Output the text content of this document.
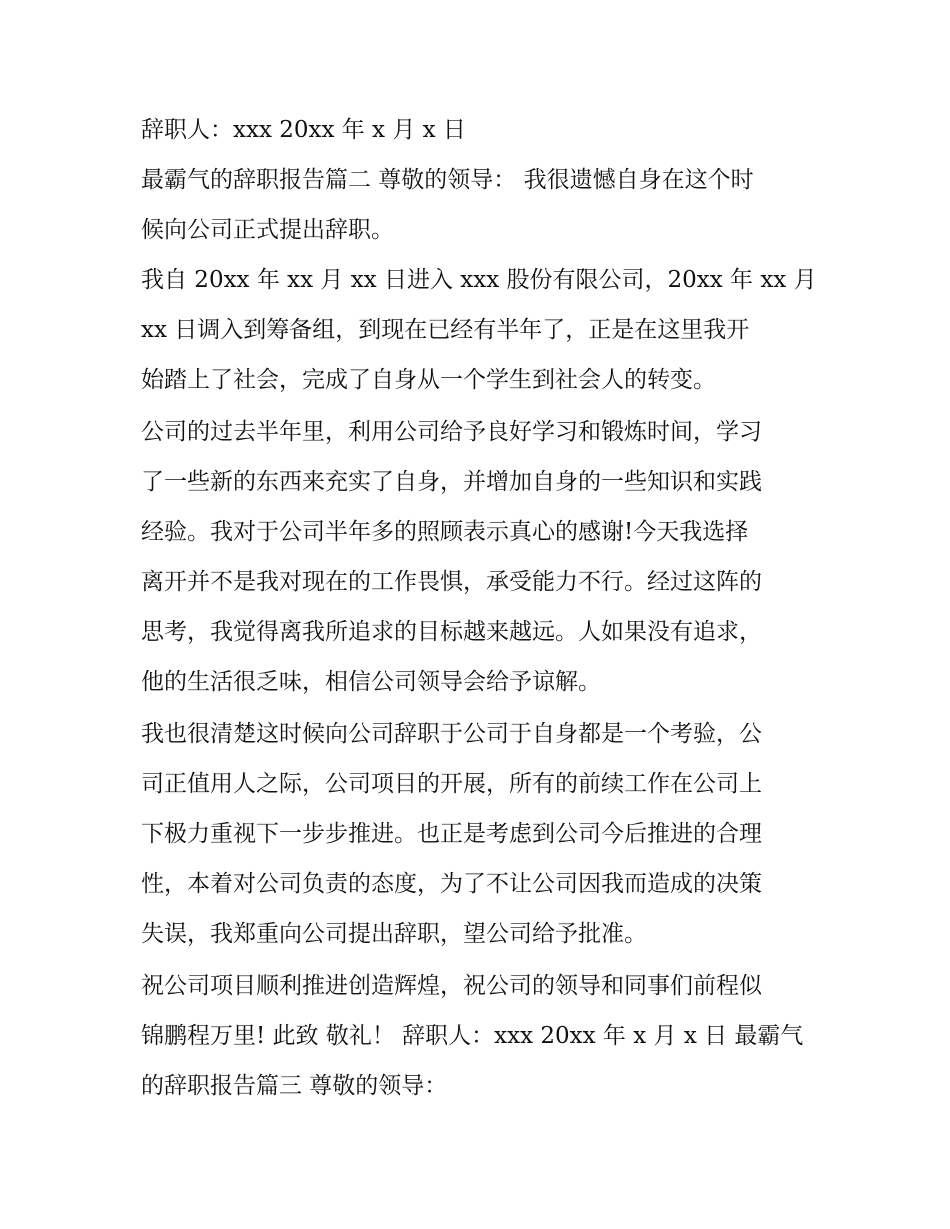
辞职人：xxx 20xx 年 x 月 x 日
最霸气的辞职报告篇二 尊敬的领导： 我很遗憾自身在这个时
候向公司正式提出辞职。
我自 20xx 年 xx 月 xx 日进入 xxx 股份有限公司，20xx 年 xx 月
xx 日调入到筹备组，到现在已经有半年了，正是在这里我开
始踏上了社会，完成了自身从一个学生到社会人的转变。
公司的过去半年里，利用公司给予良好学习和锻炼时间，学习
了一些新的东西来充实了自身，并增加自身的一些知识和实践
经验。我对于公司半年多的照顾表示真心的感谢!今天我选择
离开并不是我对现在的工作畏惧，承受能力不行。经过这阵的
思考，我觉得离我所追求的目标越来越远。人如果没有追求，
他的生活很乏味，相信公司领导会给予谅解。
我也很清楚这时候向公司辞职于公司于自身都是一个考验，公
司正值用人之际，公司项目的开展，所有的前续工作在公司上
下极力重视下一步步推进。也正是考虑到公司今后推进的合理
性，本着对公司负责的态度，为了不让公司因我而造成的决策
失误，我郑重向公司提出辞职，望公司给予批准。
祝公司项目顺利推进创造辉煌，祝公司的领导和同事们前程似
锦鹏程万里! 此致 敬礼！ 辞职人：xxx 20xx 年 x 月 x 日 最霸气
的辞职报告篇三 尊敬的领导：
